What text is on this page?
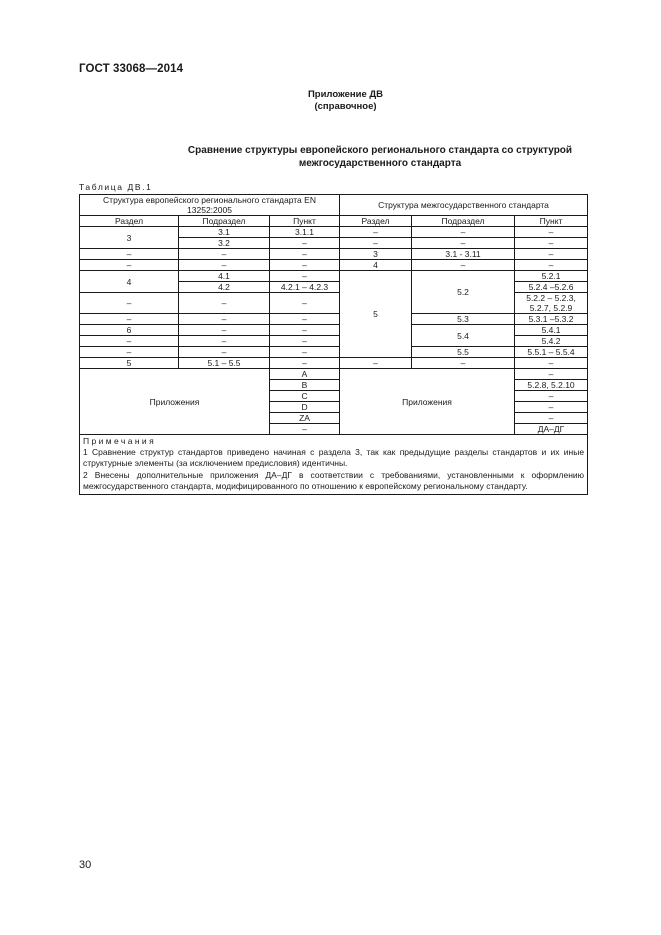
ГОСТ 33068—2014
Приложение ДВ
(справочное)
Сравнение структуры европейского регионального стандарта со структурой
межгосударственного стандарта
Таблица ДВ.1
Структура европейского регионального стандарта EN 13252:2005			Структура межгосударственного стандарта		
Раздел	Подраздел	Пункт	Раздел	Подраздел	Пункт
3	3.1	3.1.1	–	–	–
	3.2	–	–	–	–
–	–	–	3	3.1 - 3.11	–
–	–	–	4	–	–
4	4.1	–	5	5.2	5.2.1
	4.2	4.2.1 – 4.2.3			5.2.4 –5.2.6
–	–	–			5.2.2 – 5.2.3, 5.2.7, 5.2.9
–	–	–		5.3	5.3.1 –5.3.2
6	–	–		5.4	5.4.1
–	–	–			5.4.2
–	–	–		5.5	5.5.1 – 5.5.4
5	5.1 – 5.5	–	–	–	–
Приложения		A	Приложения		–
		B			5.2.8, 5.2.10
		C			–
		D			–
		ZA			–
		–			ДА–ДГ

Примечания
1 Сравнение структур стандартов приведено начиная с раздела 3, так как предыдущие разделы стандартов и их иные структурные элементы (за исключением предисловия) идентичны.
2 Внесены дополнительные приложения ДА–ДГ в соответствии с требованиями, установленными к оформлению межгосударственного стандарта, модифицированного по отношению к европейскому региональному стандарту.					
30
